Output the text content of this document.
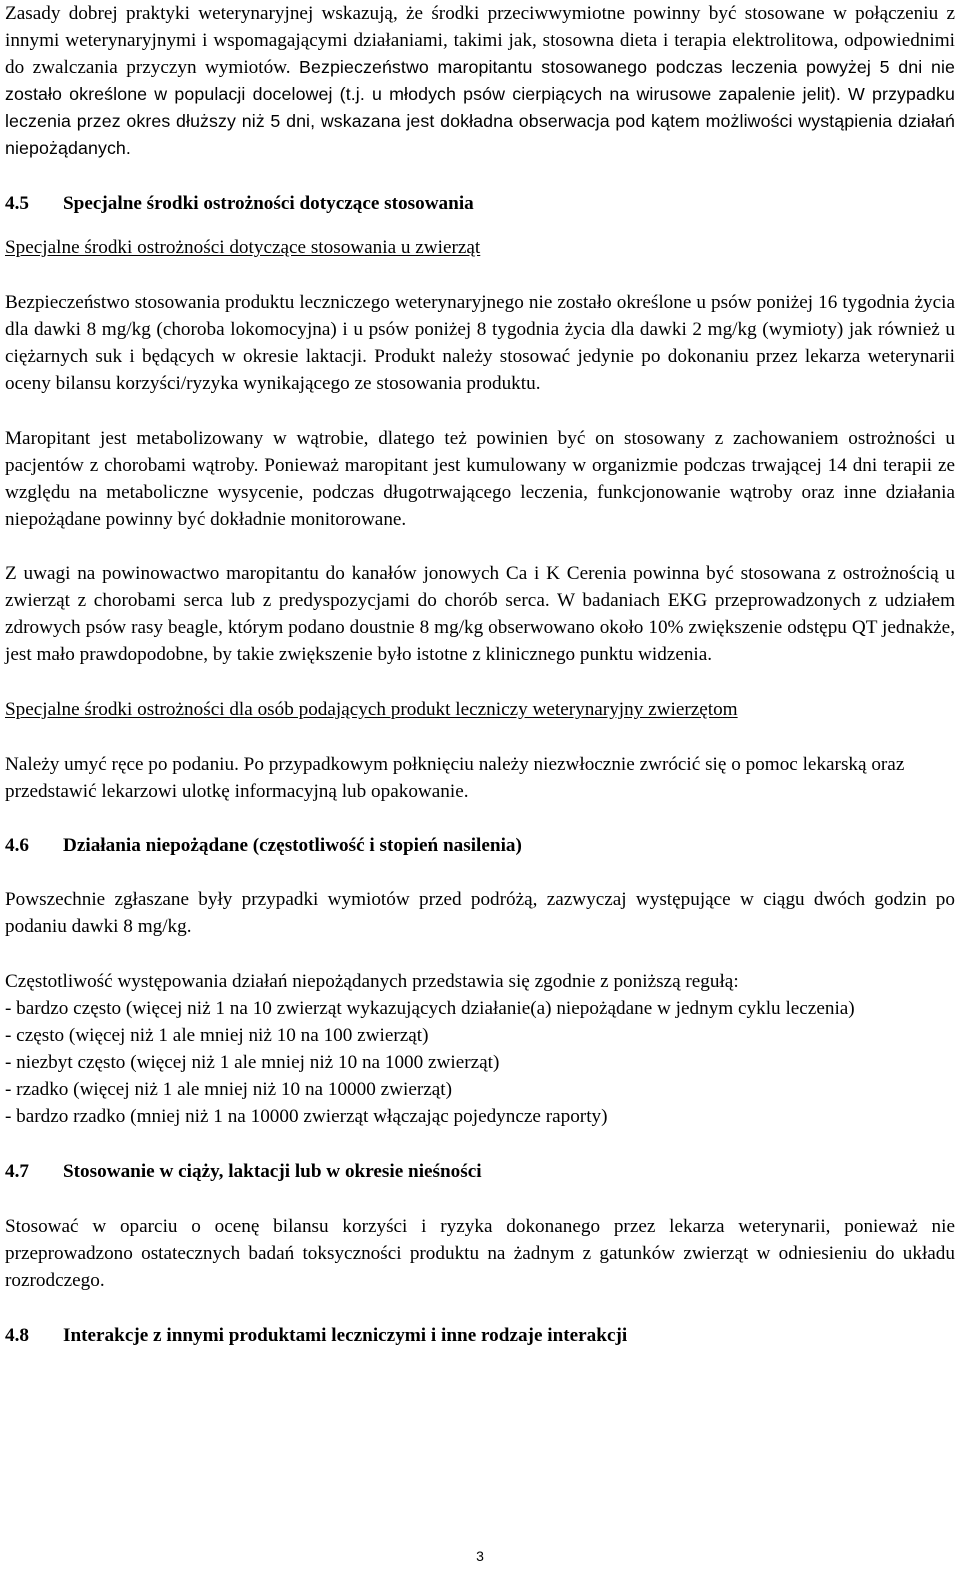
Zasady dobrej praktyki weterynaryjnej wskazują, że środki przeciwwymiotne powinny być stosowane w połączeniu z innymi weterynaryjnymi i wspomagającymi działaniami, takimi jak, stosowna dieta i terapia elektrolitowa, odpowiednimi do zwalczania przyczyn wymiotów. Bezpieczeństwo maropitantu stosowanego podczas leczenia powyżej 5 dni nie zostało określone w populacji docelowej (t.j. u młodych psów cierpiących na wirusowe zapalenie jelit). W przypadku leczenia przez okres dłuższy niż 5 dni, wskazana jest dokładna obserwacja pod kątem możliwości wystąpienia działań niepożądanych.

4.5	Specjalne środki ostrożności dotyczące stosowania

Specjalne środki ostrożności dotyczące stosowania u zwierząt

Bezpieczeństwo stosowania produktu leczniczego weterynaryjnego nie zostało określone u psów poniżej 16 tygodnia życia dla dawki 8 mg/kg (choroba lokomocyjna) i u psów poniżej 8 tygodnia życia dla dawki 2 mg/kg (wymioty) jak również u ciężarnych suk i będących w okresie laktacji. Produkt należy stosować jedynie po dokonaniu przez lekarza weterynarii oceny bilansu korzyści/ryzyka wynikającego ze stosowania produktu.

Maropitant jest metabolizowany w wątrobie, dlatego też powinien być on stosowany z zachowaniem ostrożności u pacjentów z chorobami wątroby. Ponieważ maropitant jest kumulowany w organizmie podczas trwającej 14 dni terapii ze względu na metaboliczne wysycenie, podczas długotrwającego leczenia, funkcjonowanie wątroby oraz inne działania niepożądane powinny być dokładnie monitorowane.

Z uwagi na powinowactwo maropitantu do kanałów jonowych Ca i K Cerenia powinna być stosowana z ostrożnością u zwierząt z chorobami serca lub z predyspozycjami do chorób serca. W badaniach EKG przeprowadzonych z udziałem zdrowych psów rasy beagle, którym podano doustnie 8 mg/kg obserwowano około 10% zwiększenie odstępu QT jednakże, jest mało prawdopodobne, by takie zwiększenie było istotne z klinicznego punktu widzenia.

Specjalne środki ostrożności dla osób podających produkt leczniczy weterynaryjny zwierzętom

Należy umyć ręce po podaniu. Po przypadkowym połknięciu należy niezwłocznie zwrócić się o pomoc lekarską oraz przedstawić lekarzowi ulotkę informacyjną lub opakowanie.

4.6	Działania niepożądane (częstotliwość i stopień nasilenia)

Powszechnie zgłaszane były przypadki wymiotów przed podróżą, zazwyczaj występujące w ciągu dwóch godzin po podaniu dawki 8 mg/kg.

Częstotliwość występowania działań niepożądanych przedstawia się zgodnie z poniższą regułą:

- bardzo często (więcej niż 1 na 10 zwierząt wykazujących działanie(a) niepożądane w jednym cyklu leczenia)

- często (więcej niż 1 ale mniej niż 10 na 100 zwierząt)

- niezbyt często (więcej niż 1 ale mniej niż 10 na 1000 zwierząt)

- rzadko (więcej niż 1 ale mniej niż 10 na 10000 zwierząt)

- bardzo rzadko (mniej niż 1 na 10000 zwierząt włączając pojedyncze raporty)

4.7	Stosowanie w ciąży, laktacji lub w okresie nieśności

Stosować w oparciu o ocenę bilansu korzyści i ryzyka dokonanego przez lekarza weterynarii, ponieważ nie przeprowadzono ostatecznych badań toksyczności produktu na żadnym z gatunków zwierząt w odniesieniu do układu rozrodczego.

4.8	Interakcje z innymi produktami leczniczymi i inne rodzaje interakcji
3
